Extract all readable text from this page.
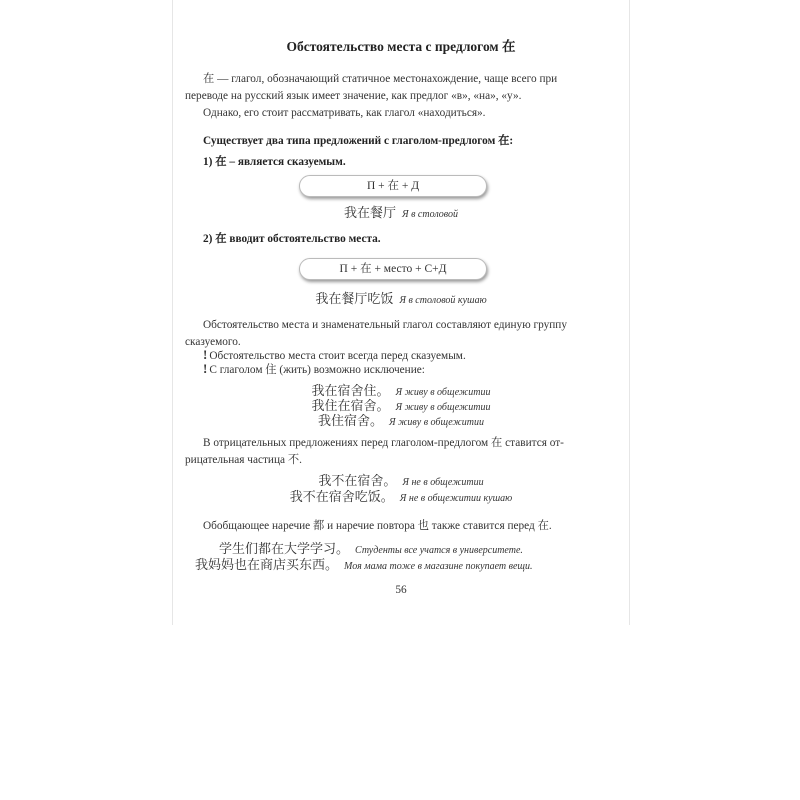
Обстоятельство места с предлогом 在
在 — глагол, обозначающий статичное местонахождение, чаще всего при
переводе на русский язык имеет значение, как предлог «в», «на», «у».
Однако, его стоит рассматривать, как глагол «находиться».
Существует два типа предложений с глаголом-предлогом 在:
1) 在 – является сказуемым.
П + 在 + Д
我在餐厅 Я в столовой
2) 在 вводит обстоятельство места.
П + 在 + место + С+Д
我在餐厅吃饭 Я в столовой кушаю
Обстоятельство места и знаменательный глагол составляют единую группу
сказуемого.
! Обстоятельство места стоит всегда перед сказуемым.
! С глаголом 住 (жить) возможно исключение:
我在宿舍住。 Я живу в общежитии
我住在宿舍。 Я живу в общежитии
我住宿舍。 Я живу в общежитии
В отрицательных предложениях перед глаголом-предлогом 在 ставится от-
рицательная частица 不.
我不在宿舍。 Я не в общежитии
我不在宿舍吃饭。 Я не в общежитии кушаю
Обобщающее наречие 都 и наречие повтора 也 также ставится перед 在.
学生们都在大学学习。 Студенты все учатся в университете.
我妈妈也在商店买东西。 Моя мама тоже в магазине покупает вещи.
56
